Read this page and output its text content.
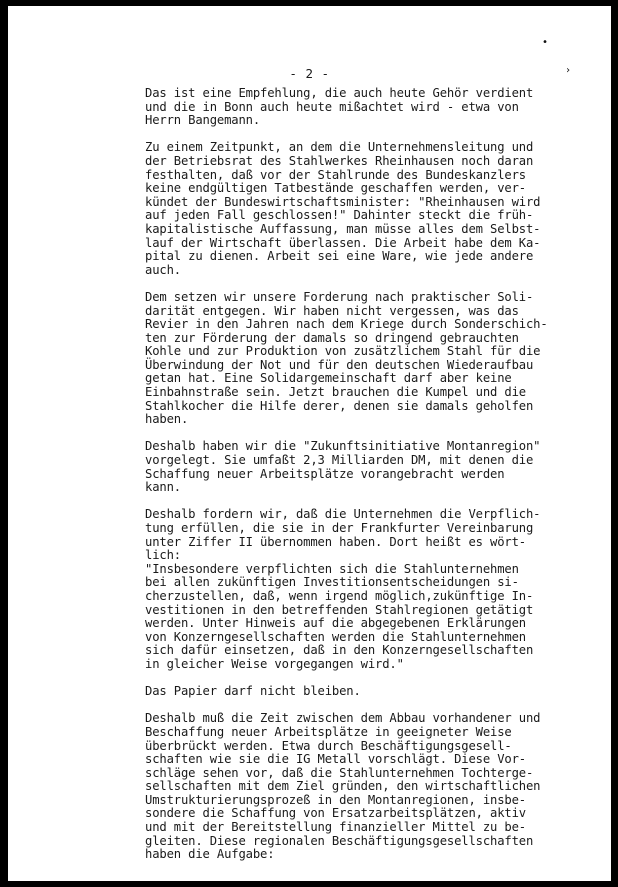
•
›
- 2 -
Das ist eine Empfehlung, die auch heute Gehör verdient
und die in Bonn auch heute mißachtet wird - etwa von
Herrn Bangemann.
Zu einem Zeitpunkt, an dem die Unternehmensleitung und
der Betriebsrat des Stahlwerkes Rheinhausen noch daran
festhalten, daß vor der Stahlrunde des Bundeskanzlers
keine endgültigen Tatbestände geschaffen werden, ver-
kündet der Bundeswirtschaftsminister: "Rheinhausen wird
auf jeden Fall geschlossen!" Dahinter steckt die früh-
kapitalistische Auffassung, man müsse alles dem Selbst-
lauf der Wirtschaft überlassen. Die Arbeit habe dem Ka-
pital zu dienen. Arbeit sei eine Ware, wie jede andere
auch.
Dem setzen wir unsere Forderung nach praktischer Soli-
darität entgegen. Wir haben nicht vergessen, was das
Revier in den Jahren nach dem Kriege durch Sonderschich-
ten zur Förderung der damals so dringend gebrauchten
Kohle und zur Produktion von zusätzlichem Stahl für die
Überwindung der Not und für den deutschen Wiederaufbau
getan hat. Eine Solidargemeinschaft darf aber keine
Einbahnstraße sein. Jetzt brauchen die Kumpel und die
Stahlkocher die Hilfe derer, denen sie damals geholfen
haben.
Deshalb haben wir die "Zukunftsinitiative Montanregion"
vorgelegt. Sie umfaßt 2,3 Milliarden DM, mit denen die
Schaffung neuer Arbeitsplätze vorangebracht werden
kann.
Deshalb fordern wir, daß die Unternehmen die Verpflich-
tung erfüllen, die sie in der Frankfurter Vereinbarung
unter Ziffer II übernommen haben. Dort heißt es wört-
lich:
"Insbesondere verpflichten sich die Stahlunternehmen
bei allen zukünftigen Investitionsentscheidungen si-
cherzustellen, daß, wenn irgend möglich,zukünftige In-
vestitionen in den betreffenden Stahlregionen getätigt
werden. Unter Hinweis auf die abgegebenen Erklärungen
von Konzerngesellschaften werden die Stahlunternehmen
sich dafür einsetzen, daß in den Konzerngesellschaften
in gleicher Weise vorgegangen wird."
Das Papier darf nicht bleiben.
Deshalb muß die Zeit zwischen dem Abbau vorhandener und
Beschaffung neuer Arbeitsplätze in geeigneter Weise
überbrückt werden. Etwa durch Beschäftigungsgesell-
schaften wie sie die IG Metall vorschlägt. Diese Vor-
schläge sehen vor, daß die Stahlunternehmen Tochterge-
sellschaften mit dem Ziel gründen, den wirtschaftlichen
Umstrukturierungsprozeß in den Montanregionen, insbe-
sondere die Schaffung von Ersatzarbeitsplätzen, aktiv
und mit der Bereitstellung finanzieller Mittel zu be-
gleiten. Diese regionalen Beschäftigungsgesellschaften
haben die Aufgabe:
